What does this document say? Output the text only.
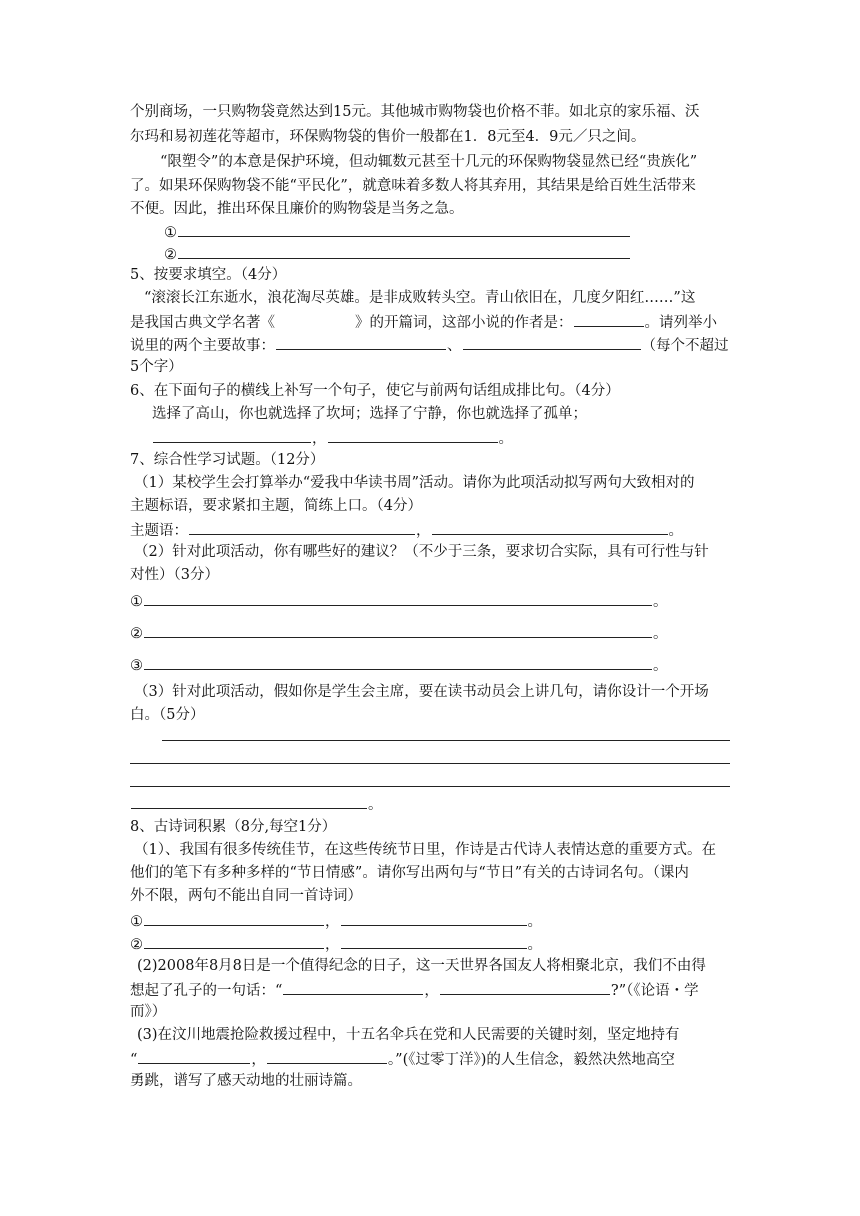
个别商场，一只购物袋竟然达到15元。其他城市购物袋也价格不菲。如北京的家乐福、沃
尔玛和易初莲花等超市，环保购物袋的售价一般都在1．8元至4．9元／只之间。
“限塑令”的本意是保护环境，但动辄数元甚至十几元的环保购物袋显然已经“贵族化”
了。如果环保购物袋不能“平民化”，就意味着多数人将其弃用，其结果是给百姓生活带来
不便。因此，推出环保且廉价的购物袋是当务之急。
①
②
5、按要求填空。（4分）
“滚滚长江东逝水，浪花淘尽英雄。是非成败转头空。青山依旧在，几度夕阳红……”这
是我国古典文学名著《	》的开篇词，这部小说的作者是：	。请列举小
说里的两个主要故事：	、	（每个不超过
5个字）
6、在下面句子的横线上补写一个句子，使它与前两句话组成排比句。（4分）
选择了高山，你也就选择了坎坷；选择了宁静，你也就选择了孤单；
，	。
7、综合性学习试题。（12分）
（1）某校学生会打算举办“爱我中华读书周”活动。请你为此项活动拟写两句大致相对的
主题标语，要求紧扣主题，简练上口。（4分）
主题语：	，	。
（2）针对此项活动，你有哪些好的建议？（不少于三条，要求切合实际，具有可行性与针
对性）（3分）
①	。
②	。
③	。
（3）针对此项活动，假如你是学生会主席，要在读书动员会上讲几句，请你设计一个开场
白。（5分）
。
8、古诗词积累（8分,每空1分）
（1）、我国有很多传统佳节，在这些传统节日里，作诗是古代诗人表情达意的重要方式。在
他们的笔下有多种多样的“节日情感”。请你写出两句与“节日”有关的古诗词名句。（课内
外不限，两句不能出自同一首诗词）
①	，	。
②	，	。
(2)2008年8月8日是一个值得纪念的日子，这一天世界各国友人将相聚北京，我们不由得
想起了孔子的一句话：“	，	?”（《论语・学
而》）
(3)在汶川地震抢险救援过程中，十五名伞兵在党和人民需要的关键时刻，坚定地持有
“	，	。”(《过零丁洋》)的人生信念，毅然决然地高空
勇跳，谱写了感天动地的壮丽诗篇。
